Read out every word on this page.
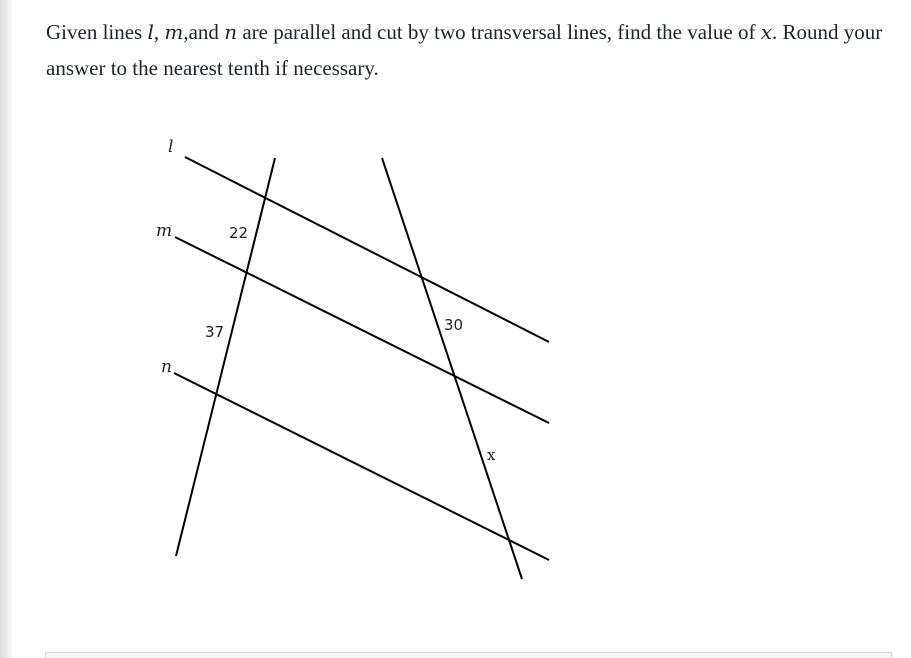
Given lines l, m,and n are parallel and cut by two transversal lines, find the value of x. Round your answer to the nearest tenth if necessary.
l
m
n
22
37	30
x
